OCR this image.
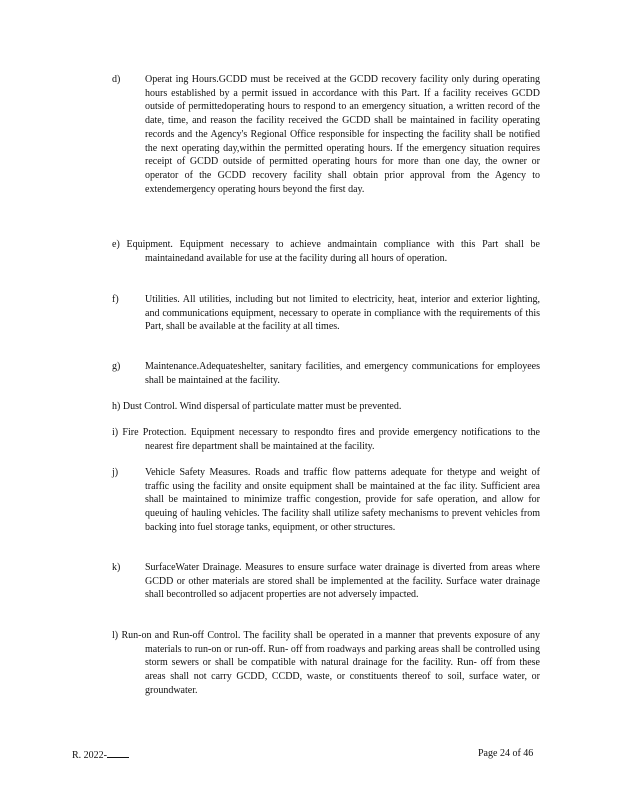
d) Operat ing Hours.GCDD must be received at the GCDD recovery facility only during operating hours established by a permit issued in accordance with this Part. If a facility receives GCDD outside of permittedoperating hours to respond to an emergency situation, a written record of the date, time, and reason the facility received the GCDD shall be maintained in facility operating records and the Agency's Regional Office responsible for inspecting the facility shall be notified the next operating day,within the permitted operating hours. If the emergency situation requires receipt of GCDD outside of permitted operating hours for more than one day, the owner or operator of the GCDD recovery facility shall obtain prior approval from the Agency to extendemergency operating hours beyond the first day.
e) Equipment. Equipment necessary to achieve andmaintain compliance with this Part shall be maintainedand available for use at the facility during all hours of operation.
f)	Utilities. All utilities, including but not limited to electricity, heat, interior and exterior lighting, and communications equipment, necessary to operate in compliance with the requirements of this Part, shall be available at the facility at all times.
g) Maintenance.Adequateshelter, sanitary facilities, and emergency communications for employees shall be maintained at the facility.
h) Dust Control. Wind dispersal of particulate matter must be prevented.
i) Fire Protection. Equipment necessary to respondto fires and provide emergency notifications to the nearest fire department shall be maintained at the facility.
j)	Vehicle Safety Measures. Roads and traffic flow patterns adequate for thetype and weight of traffic using the facility and onsite equipment shall be maintained at the fac ility. Sufficient area shall be maintained to minimize traffic congestion, provide for safe operation, and allow for queuing of hauling vehicles. The facility shall utilize safety mechanisms to prevent vehicles from backing into fuel storage tanks, equipment, or other structures.
k) SurfaceWater Drainage. Measures to ensure surface water drainage is diverted from areas where GCDD or other materials are stored shall be implemented at the facility. Surface water drainage shall becontrolled so adjacent properties are not adversely impacted.
l) Run-on and Run-off Control. The facility shall be operated in a manner that prevents exposure of any materials to run-on or run-off. Run- off from roadways and parking areas shall be controlled using storm sewers or shall be compatible with natural drainage for the facility. Run- off from these areas shall not carry GCDD, CCDD, waste, or constituents thereof to soil, surface water, or groundwater.
R. 2022-	Page 24 of 46
